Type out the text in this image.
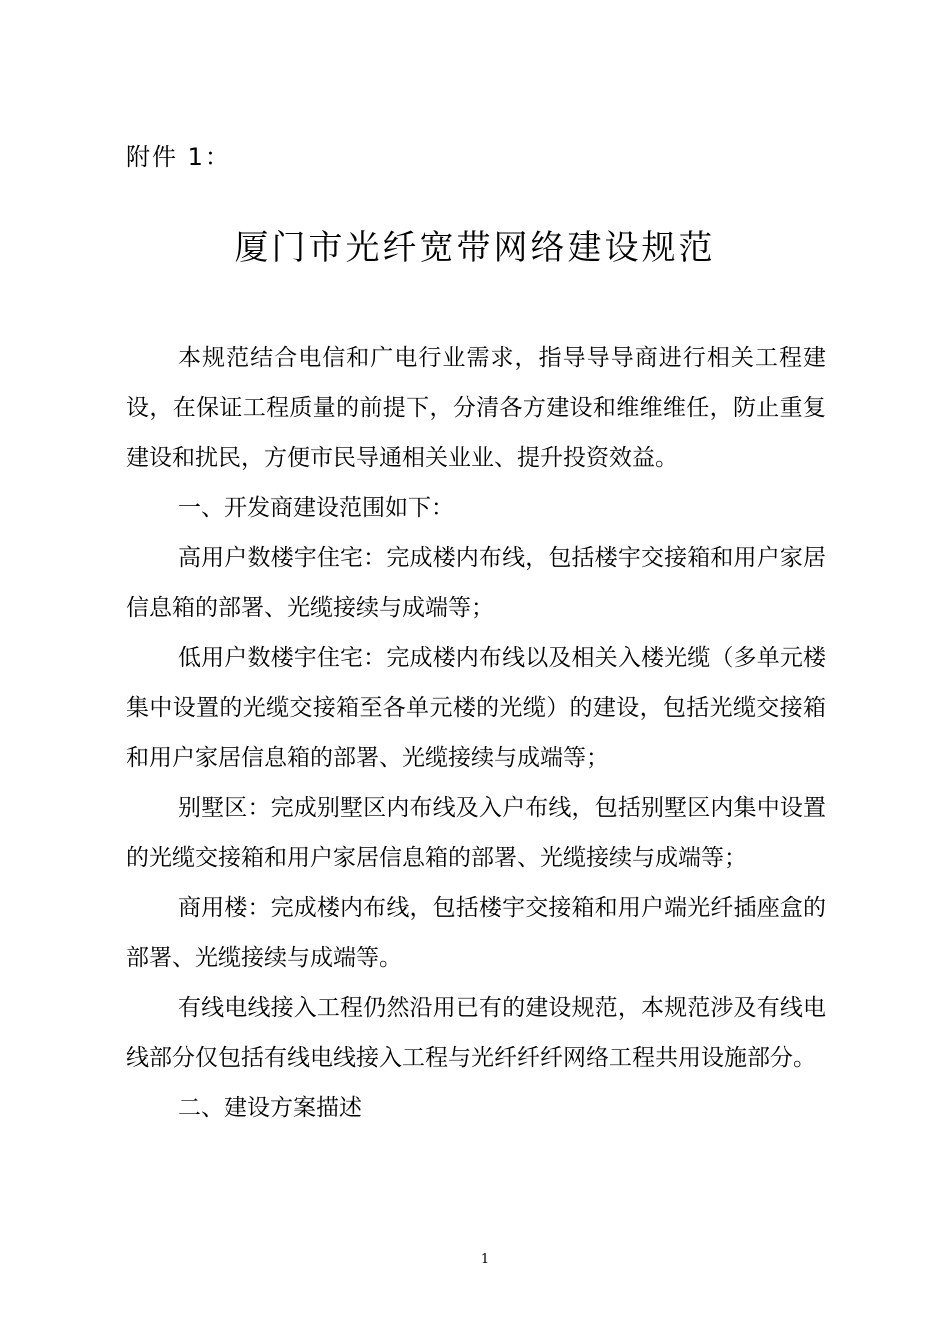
附件 1：
厦门市光纤宽带网络建设规范

本规范结合电信和广电行业需求，指导导导商进行相关工程建设，在保证工程质量的前提下，分清各方建设和维维维任，防止重复建设和扰民，方便市民导通相关业业、提升投资效益。

一、开发商建设范围如下：

高用户数楼宇住宅：完成楼内布线，包括楼宇交接箱和用户家居信息箱的部署、光缆接续与成端等；

低用户数楼宇住宅：完成楼内布线以及相关入楼光缆（多单元楼集中设置的光缆交接箱至各单元楼的光缆）的建设，包括光缆交接箱和用户家居信息箱的部署、光缆接续与成端等；

别墅区：完成别墅区内布线及入户布线，包括别墅区内集中设置的光缆交接箱和用户家居信息箱的部署、光缆接续与成端等；

商用楼：完成楼内布线，包括楼宇交接箱和用户端光纤插座盒的部署、光缆接续与成端等。

有线电线接入工程仍然沿用已有的建设规范，本规范涉及有线电线部分仅包括有线电线接入工程与光纤纤纤网络工程共用设施部分。

二、建设方案描述

1
